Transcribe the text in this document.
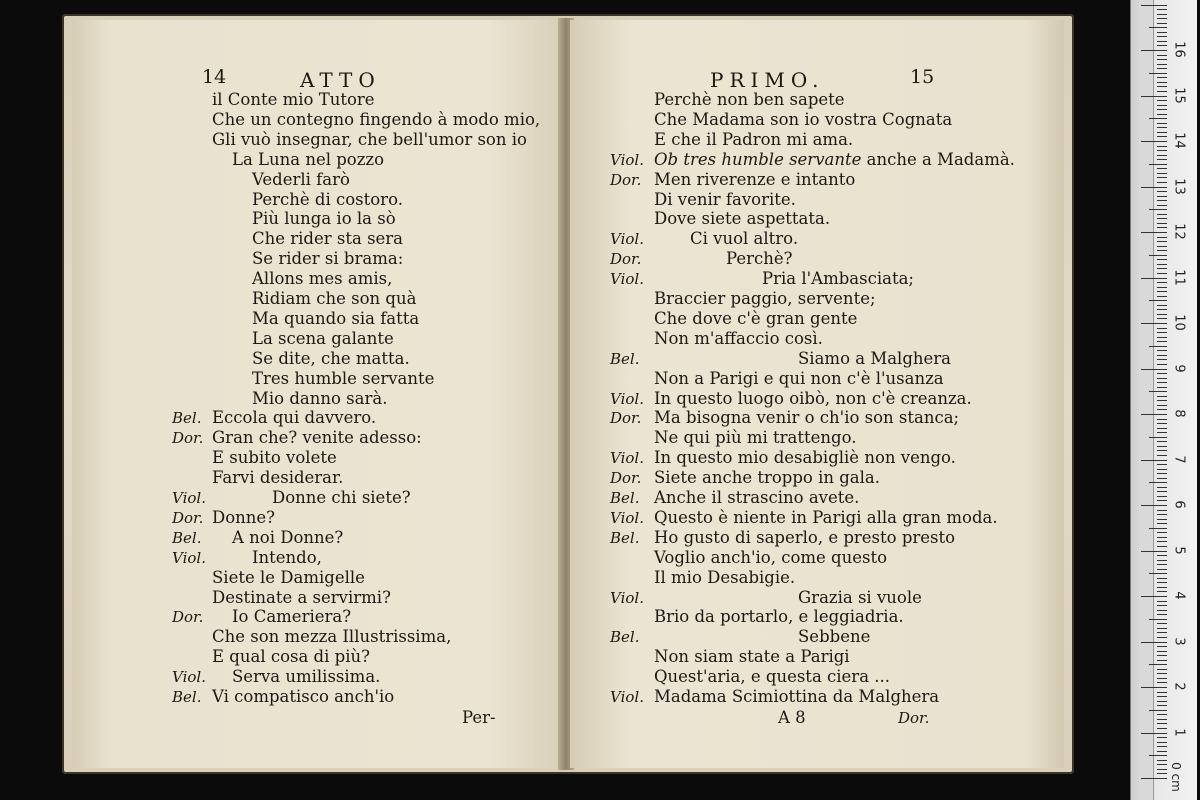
14	ATTO
Per-
il Conte mio Tutore
Che un contegno fingendo à modo mio,
Gli vuò insegnar, che bell'umor son io
La Luna nel pozzo
Vederli farò
Perchè di costoro.
Più lunga io la sò
Che rider sta sera
Se rider si brama:
Allons mes amis,
Ridiam che son quà
Ma quando sia fatta
La scena galante
Se dite, che matta.
Tres humble servante
Mio danno sarà.
Bel. Eccola qui davvero.
Dor. Gran che? venite adesso:
E subito volete
Farvi desiderar.
Viol.	Donne chi siete?
Dor. Donne?
Bel. A noi Donne?
Viol.	Intendo,
Siete le Damigelle
Destinate a servirmi?
Dor. Io Cameriera?
Che son mezza Illustrissima,
E qual cosa di più?
Viol. Serva umilissima.
Bel. Vi compatisco anch'io
PRIMO.	15
A 8	Dor.
Perchè non ben sapete
Che Madama son io vostra Cognata
E che il Padron mi ama.
Viol. Ob tres humble servante anche a Madamà.
Dor. Men riverenze e intanto
Di venir favorite.
Dove siete aspettata.
Viol.	Ci vuol altro.
Dor.	Perchè?
Viol.	Pria l'Ambasciata;
Braccier paggio, servente;
Che dove c'è gran gente
Non m'affaccio così.
Bel.	Siamo a Malghera
Non a Parigi e qui non c'è l'usanza
Viol. In questo luogo oibò, non c'è creanza.
Dor. Ma bisogna venir o ch'io son stanca;
Ne qui più mi trattengo.
Viol. In questo mio desabigliè non vengo.
Dor. Siete anche troppo in gala.
Bel. Anche il strascino avete.
Viol. Questo è niente in Parigi alla gran moda.
Bel. Ho gusto di saperlo, e presto presto
Voglio anch'io, come questo
Il mio Desabigie.
Viol.	Grazia si vuole
Brio da portarlo, e leggiadria.
Bel.	Sebbene
Non siam state a Parigi
Quest'aria, e questa ciera ...
Viol. Madama Scimiottina da Malghera
0 cm
16
15
14
13
12
11
10
9
8
7
6
5
4
3
2
1
